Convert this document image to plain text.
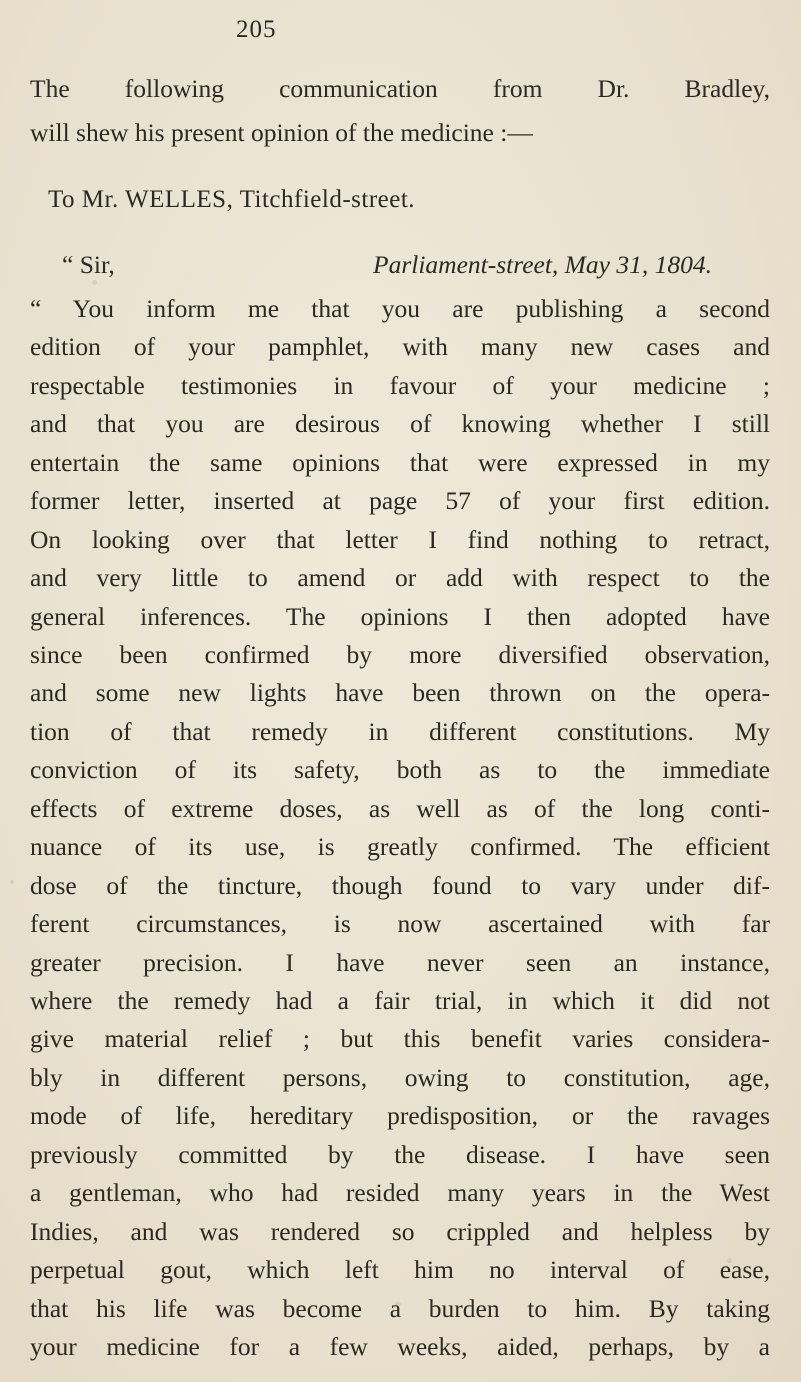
205
The following communication from Dr. Bradley,
will shew his present opinion of the medicine :—
To Mr. WELLES, Titchfield-street.
“ Sir,	Parliament-street, May 31, 1804.
“ You inform me that you are publishing a second
edition of your pamphlet, with many new cases and
respectable testimonies in favour of your medicine ;
and that you are desirous of knowing whether I still
entertain the same opinions that were expressed in my
former letter, inserted at page 57 of your first edition.
On looking over that letter I find nothing to retract,
and very little to amend or add with respect to the
general inferences. The opinions I then adopted have
since been confirmed by more diversified observation,
and some new lights have been thrown on the opera-
tion of that remedy in different constitutions. My
conviction of its safety, both as to the immediate
effects of extreme doses, as well as of the long conti-
nuance of its use, is greatly confirmed. The efficient
dose of the tincture, though found to vary under dif-
ferent circumstances, is now ascertained with far
greater precision. I have never seen an instance,
where the remedy had a fair trial, in which it did not
give material relief ; but this benefit varies considera-
bly in different persons, owing to constitution, age,
mode of life, hereditary predisposition, or the ravages
previously committed by the disease. I have seen
a gentleman, who had resided many years in the West
Indies, and was rendered so crippled and helpless by
perpetual gout, which left him no interval of ease,
that his life was become a burden to him. By taking
your medicine for a few weeks, aided, perhaps, by a
